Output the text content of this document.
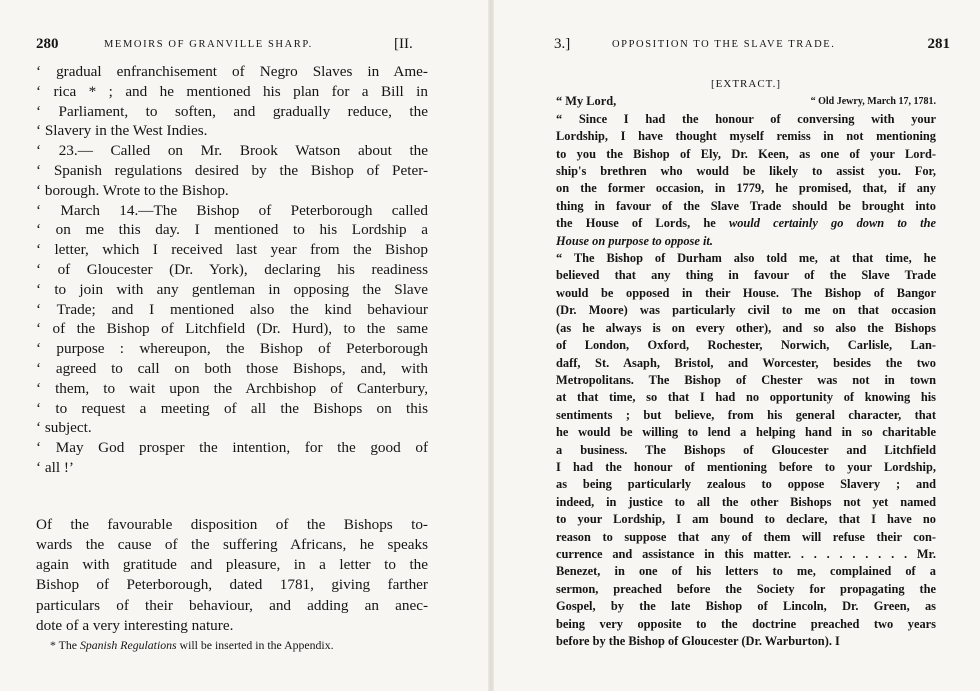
280	MEMOIRS OF GRANVILLE SHARP.	[II.
‘ gradual enfranchisement of Negro Slaves in Ame-
‘ rica * ; and he mentioned his plan for a Bill in
‘ Parliament, to soften, and gradually reduce, the
‘ Slavery in the West Indies.
‘ 23.— Called on Mr. Brook Watson about the
‘ Spanish regulations desired by the Bishop of Peter-
‘ borough. Wrote to the Bishop.
‘ March 14.—The Bishop of Peterborough called
‘ on me this day. I mentioned to his Lordship a
‘ letter, which I received last year from the Bishop
‘ of Gloucester (Dr. York), declaring his readiness
‘ to join with any gentleman in opposing the Slave
‘ Trade; and I mentioned also the kind behaviour
‘ of the Bishop of Litchfield (Dr. Hurd), to the same
‘ purpose : whereupon, the Bishop of Peterborough
‘ agreed to call on both those Bishops, and, with
‘ them, to wait upon the Archbishop of Canterbury,
‘ to request a meeting of all the Bishops on this
‘ subject.
‘ May God prosper the intention, for the good of
‘ all !’
Of the favourable disposition of the Bishops to-
wards the cause of the suffering Africans, he speaks
again with gratitude and pleasure, in a letter to the
Bishop of Peterborough, dated 1781, giving farther
particulars of their behaviour, and adding an anec-
dote of a very interesting nature.
* The Spanish Regulations will be inserted in the Appendix.
3.]	OPPOSITION TO THE SLAVE TRADE.	281
[EXTRACT.]
“ My Lord,	“ Old Jewry, March 17, 1781.
“ Since I had the honour of conversing with your
Lordship, I have thought myself remiss in not mentioning
to you the Bishop of Ely, Dr. Keen, as one of your Lord-
ship's brethren who would be likely to assist you. For,
on the former occasion, in 1779, he promised, that, if any
thing in favour of the Slave Trade should be brought into
the House of Lords, he would certainly go down to the
House on purpose to oppose it.
“ The Bishop of Durham also told me, at that time, he
believed that any thing in favour of the Slave Trade
would be opposed in their House. The Bishop of Bangor
(Dr. Moore) was particularly civil to me on that occasion
(as he always is on every other), and so also the Bishops
of London, Oxford, Rochester, Norwich, Carlisle, Lan-
daff, St. Asaph, Bristol, and Worcester, besides the two
Metropolitans. The Bishop of Chester was not in town
at that time, so that I had no opportunity of knowing his
sentiments ; but believe, from his general character, that
he would be willing to lend a helping hand in so charitable
a business. The Bishops of Gloucester and Litchfield
I had the honour of mentioning before to your Lordship,
as being particularly zealous to oppose Slavery ; and
indeed, in justice to all the other Bishops not yet named
to your Lordship, I am bound to declare, that I have no
reason to suppose that any of them will refuse their con-
currence and assistance in this matter. . . . . . . . . . Mr.
Benezet, in one of his letters to me, complained of a
sermon, preached before the Society for propagating the
Gospel, by the late Bishop of Lincoln, Dr. Green, as
being very opposite to the doctrine preached two years
before by the Bishop of Gloucester (Dr. Warburton). I
